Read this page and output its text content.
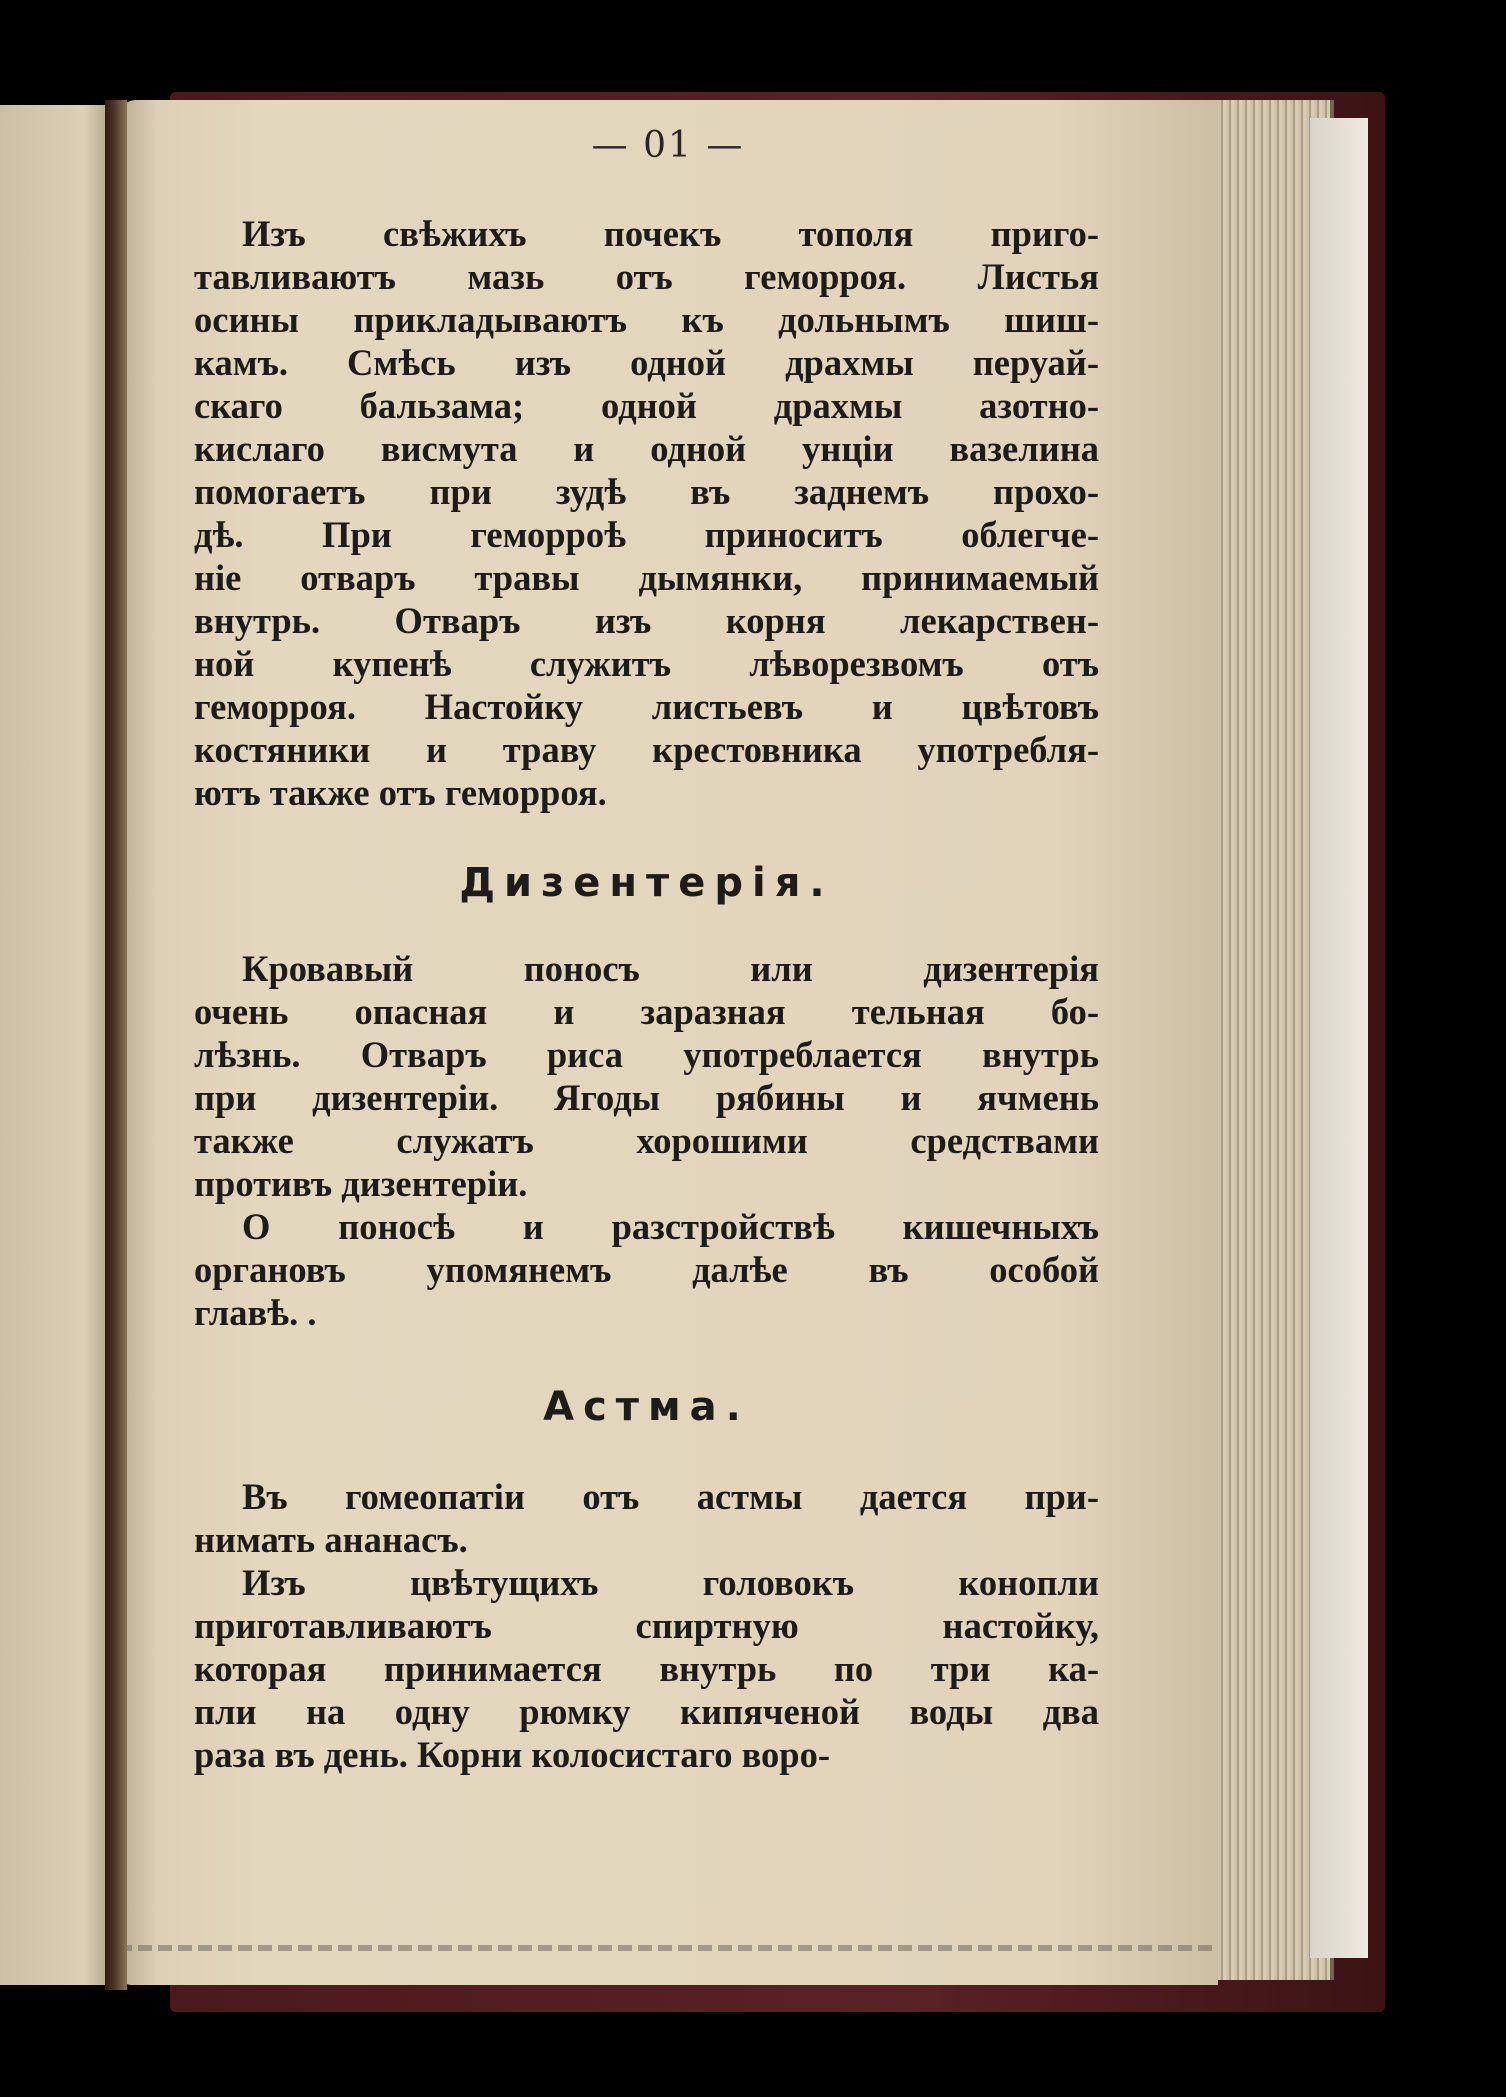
— 01 —
Изъ свѣжихъ почекъ тополя приго-
тавливаютъ мазь отъ геморроя. Листья
осины прикладываютъ къ дольнымъ шиш-
камъ. Смѣсь изъ одной драхмы перуай-
скаго бальзама; одной драхмы азотно-
кислаго висмута и одной унціи вазелина
помогаетъ при зудѣ въ заднемъ прохо-
дѣ. При геморроѣ приноситъ облегче-
ніе отваръ травы дымянки, принимаемый
внутрь. Отваръ изъ корня лекарствен-
ной купенѣ служитъ лѣворезвомъ отъ
геморроя. Настойку листьевъ и цвѣтовъ
костяники и траву крестовника употребля-
ютъ также отъ геморроя.
Дизентерія.
Кровавый поносъ или дизентерія
очень опасная и заразная тельная бо-
лѣзнь. Отваръ риса употреблается внутрь
при дизентеріи. Ягоды рябины и ячмень
также служатъ хорошими средствами
противъ дизентеріи.
О поносѣ и разстройствѣ кишечныхъ
органовъ упомянемъ далѣе въ особой
главѣ. .
Астма.
Въ гомеопатіи отъ астмы дается при-
нимать ананасъ.
Изъ цвѣтущихъ головокъ конопли
приготавливаютъ спиртную настойку,
которая принимается внутрь по три ка-
пли на одну рюмку кипяченой воды два
раза въ день. Корни колосистаго воро-
